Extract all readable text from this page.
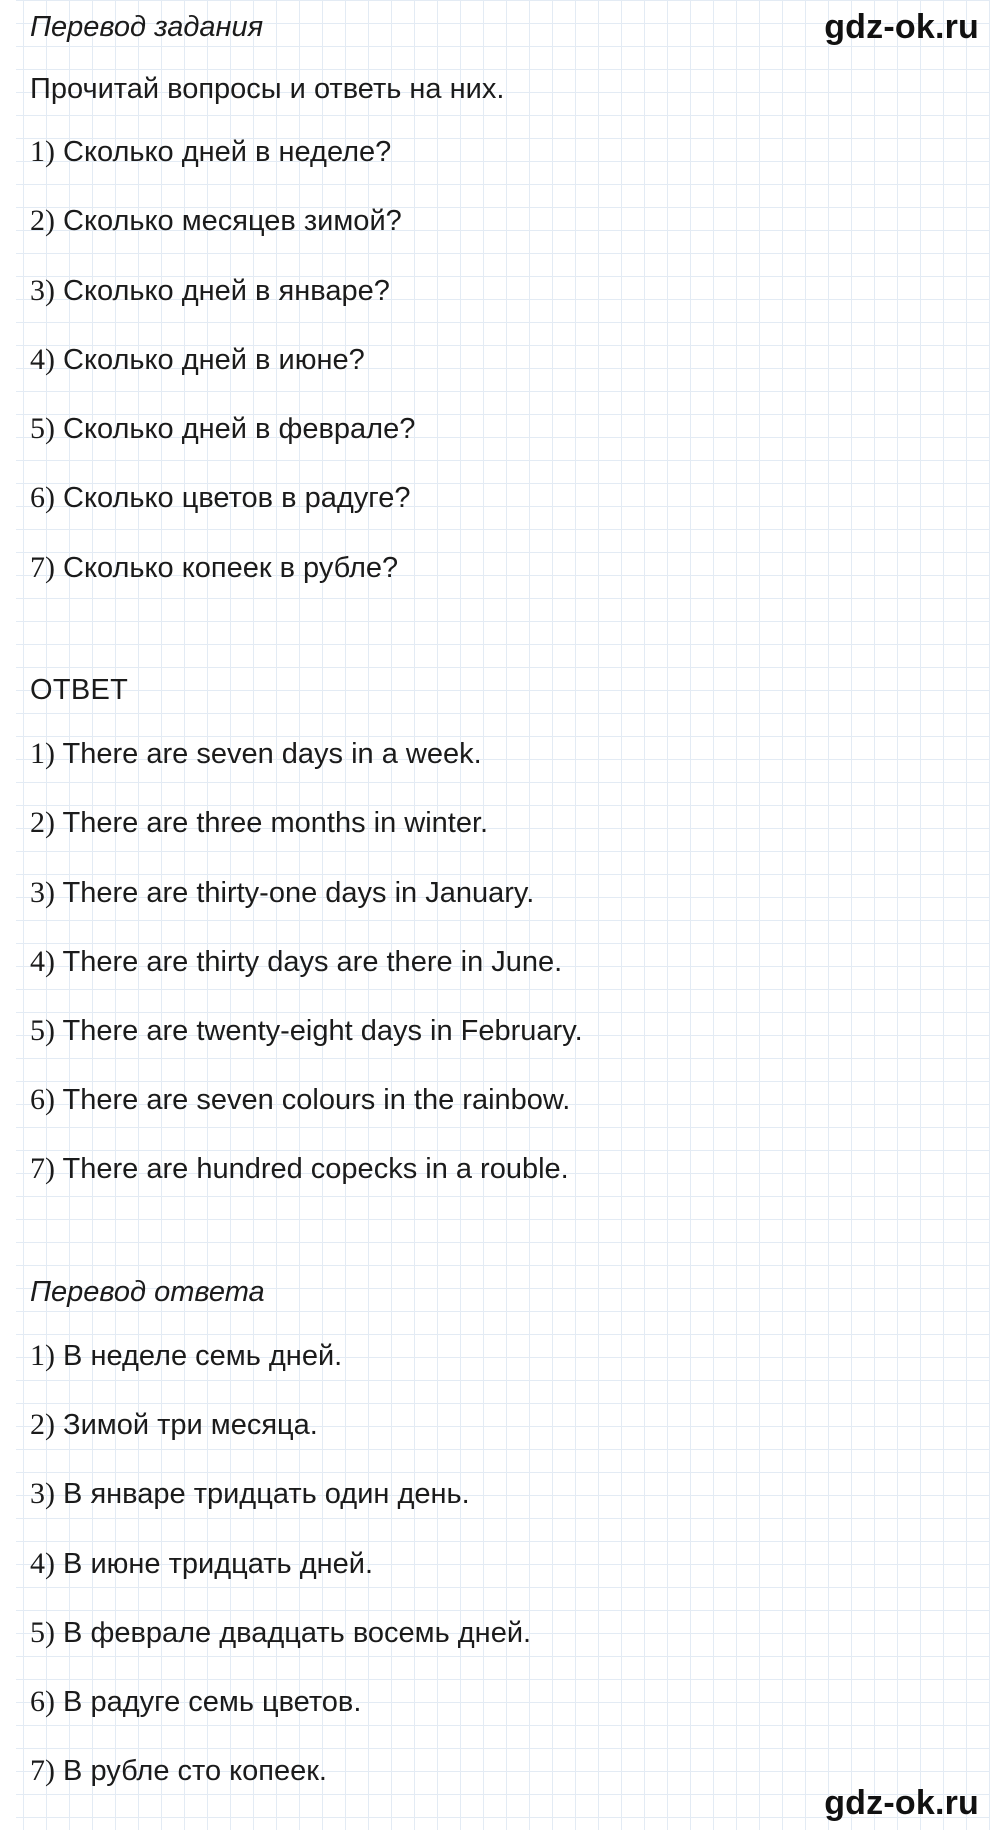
gdz-ok.ru
Перевод задания
Прочитай вопросы и ответь на них.
1) Сколько дней в неделе?
2) Сколько месяцев зимой?
3) Сколько дней в январе?
4) Сколько дней в июне?
5) Сколько дней в феврале?
6) Сколько цветов в радуге?
7) Сколько копеек в рубле?
ОТВЕТ
1) There are seven days in a week.
2) There are three months in winter.
3) There are thirty-one days in January.
4) There are thirty days are there in June.
5) There are twenty-eight days in February.
6) There are seven colours in the rainbow.
7) There are hundred copecks in a rouble.
Перевод ответа
1) В неделе семь дней.
2) Зимой три месяца.
3) В январе тридцать один день.
4) В июне тридцать дней.
5) В феврале двадцать восемь дней.
6) В радуге семь цветов.
7) В рубле сто копеек.
gdz-ok.ru
